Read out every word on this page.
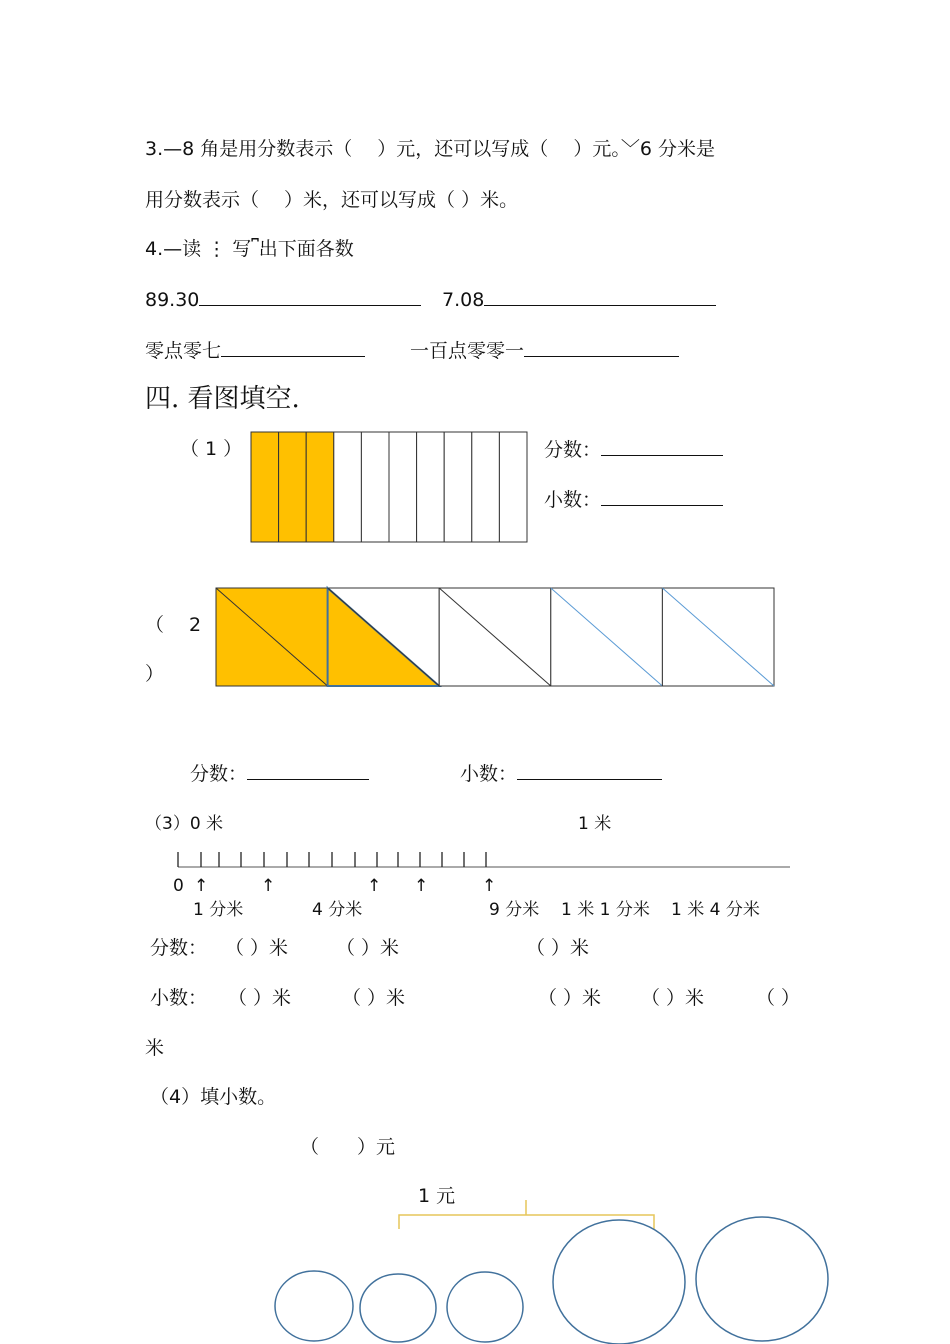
3.—8 角是用分数表示（　 ）元，还可以写成（　 ）元。﹀6 分米是
用分数表示（　 ）米，还可以写成（ ）米。
4.—读 ⋮ 写⎴出下面各数
89.30	7.08
零点零七	一百点零零一
四. 看图填空.
（ 1 ）	分数：
小数：
（　 2
）
分数：	小数：
（3）0 米	1 米
0 ↑	↑	↑ ↑	↑
1 分米	4 分米	9 分米 1 米 1 分米 1 米 4 分米
分数： （ ）米	（ ）米	（ ）米
小数： （ ）米	（ ）米	（ ）米 （ ）米	（ ）
米
（4）填小数。
（　　）元
1 元
